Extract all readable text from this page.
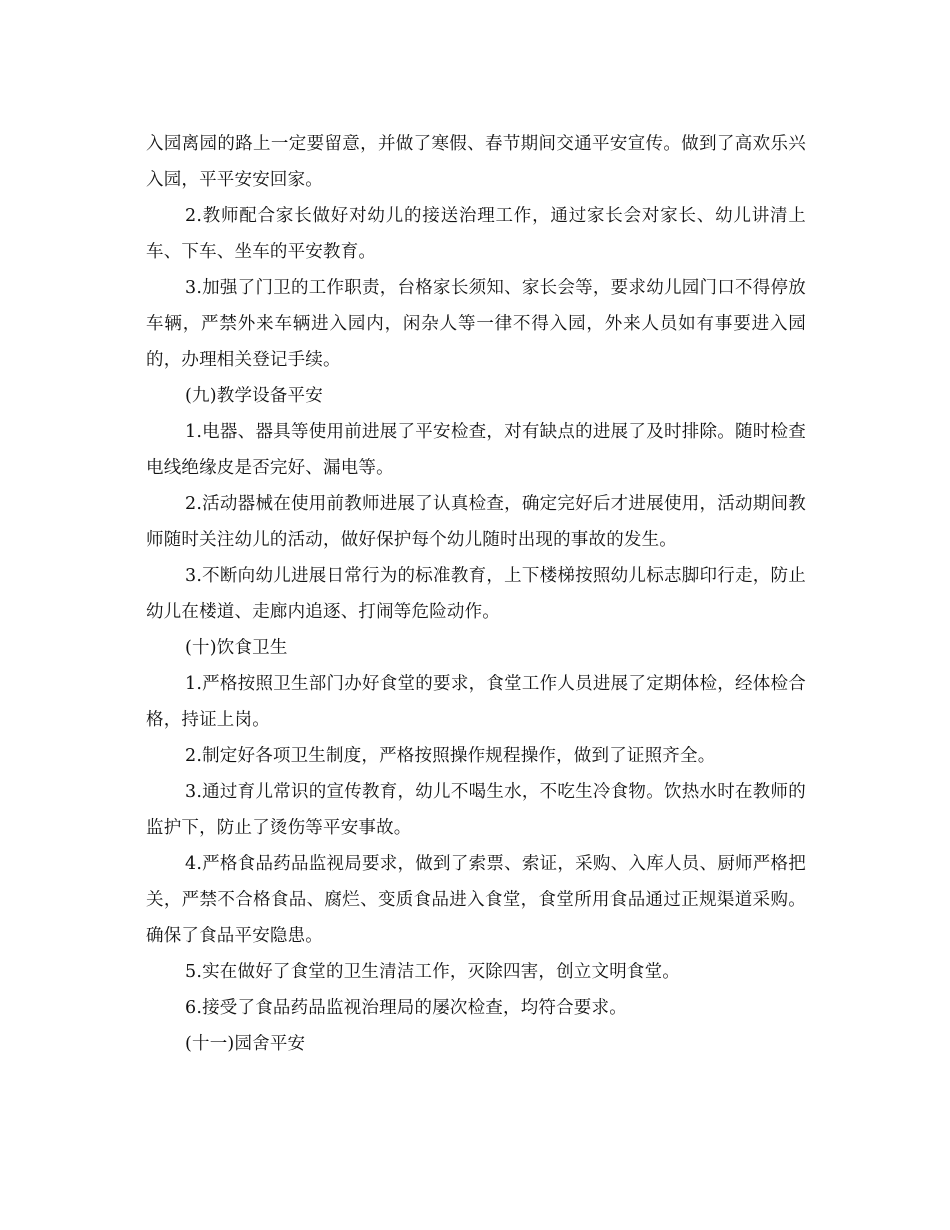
入园离园的路上一定要留意，并做了寒假、春节期间交通平安宣传。做到了高欢乐兴入园，平平安安回家。

2.教师配合家长做好对幼儿的接送治理工作，通过家长会对家长、幼儿讲清上车、下车、坐车的平安教育。

3.加强了门卫的工作职责，台格家长须知、家长会等，要求幼儿园门口不得停放车辆，严禁外来车辆进入园内，闲杂人等一律不得入园，外来人员如有事要进入园的，办理相关登记手续。

(九)教学设备平安

1.电器、器具等使用前进展了平安检查，对有缺点的进展了及时排除。随时检查电线绝缘皮是否完好、漏电等。

2.活动器械在使用前教师进展了认真检查，确定完好后才进展使用，活动期间教师随时关注幼儿的活动，做好保护每个幼儿随时出现的事故的发生。

3.不断向幼儿进展日常行为的标准教育，上下楼梯按照幼儿标志脚印行走，防止幼儿在楼道、走廊内追逐、打闹等危险动作。

(十)饮食卫生

1.严格按照卫生部门办好食堂的要求，食堂工作人员进展了定期体检，经体检合格，持证上岗。

2.制定好各项卫生制度，严格按照操作规程操作，做到了证照齐全。

3.通过育儿常识的宣传教育，幼儿不喝生水，不吃生冷食物。饮热水时在教师的监护下，防止了烫伤等平安事故。

4.严格食品药品监视局要求，做到了索票、索证，采购、入库人员、厨师严格把关，严禁不合格食品、腐烂、变质食品进入食堂，食堂所用食品通过正规渠道采购。确保了食品平安隐患。

5.实在做好了食堂的卫生清洁工作，灭除四害，创立文明食堂。

6.接受了食品药品监视治理局的屡次检查，均符合要求。

(十一)园舍平安
